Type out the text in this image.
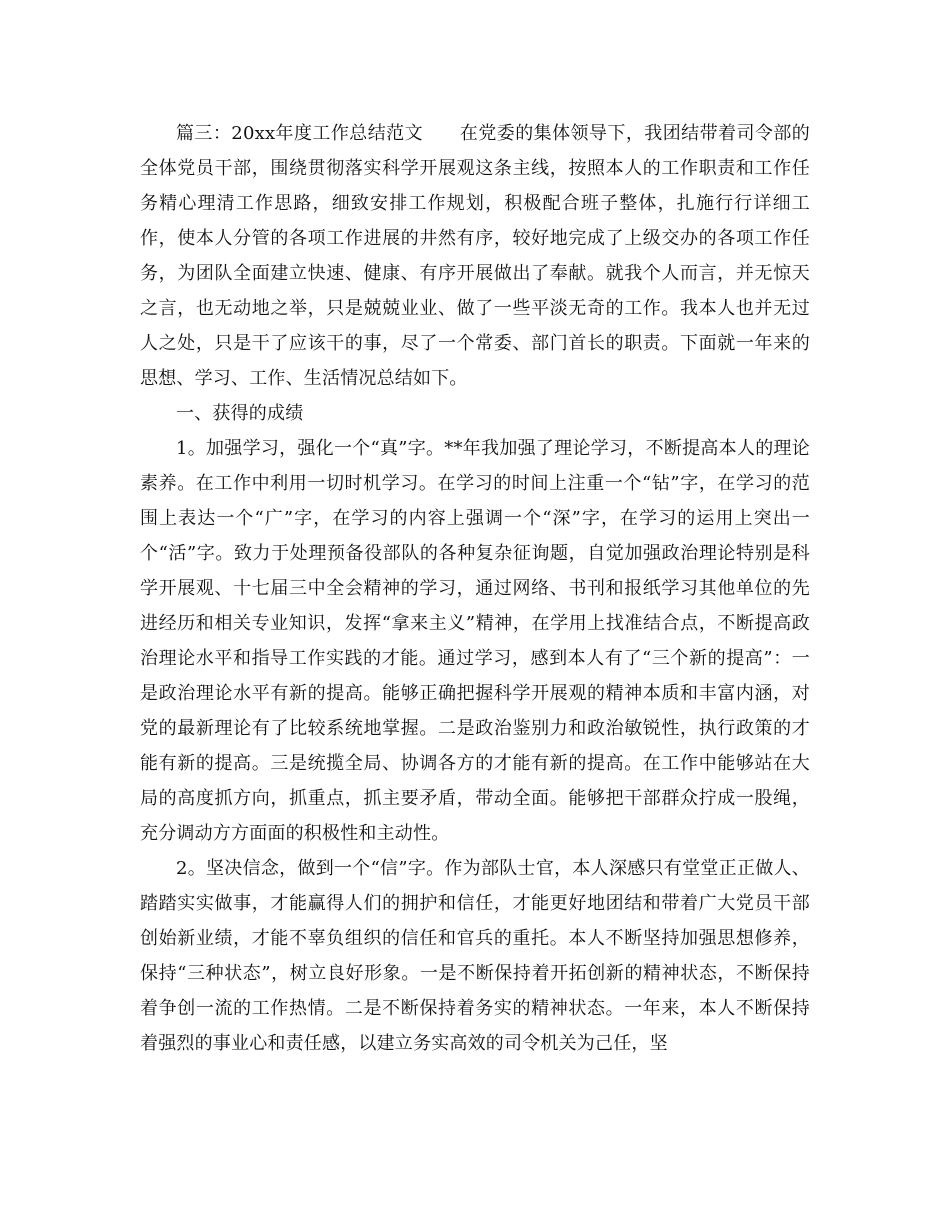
篇三：20xx年度工作总结范文　　在党委的集体领导下，我团结带着司令部的全体党员干部，围绕贯彻落实科学开展观这条主线，按照本人的工作职责和工作任务精心理清工作思路，细致安排工作规划，积极配合班子整体，扎施行行详细工作，使本人分管的各项工作进展的井然有序，较好地完成了上级交办的各项工作任务，为团队全面建立快速、健康、有序开展做出了奉献。就我个人而言，并无惊天之言，也无动地之举，只是兢兢业业、做了一些平淡无奇的工作。我本人也并无过人之处，只是干了应该干的事，尽了一个常委、部门首长的职责。下面就一年来的思想、学习、工作、生活情况总结如下。

一、获得的成绩

1。加强学习，强化一个“真”字。**年我加强了理论学习，不断提高本人的理论素养。在工作中利用一切时机学习。在学习的时间上注重一个“钻”字，在学习的范围上表达一个“广”字，在学习的内容上强调一个“深”字，在学习的运用上突出一个“活”字。致力于处理预备役部队的各种复杂征询题，自觉加强政治理论特别是科学开展观、十七届三中全会精神的学习，通过网络、书刊和报纸学习其他单位的先进经历和相关专业知识，发挥“拿来主义”精神，在学用上找准结合点，不断提高政治理论水平和指导工作实践的才能。通过学习，感到本人有了“三个新的提高”：一是政治理论水平有新的提高。能够正确把握科学开展观的精神本质和丰富内涵，对党的最新理论有了比较系统地掌握。二是政治鉴别力和政治敏锐性，执行政策的才能有新的提高。三是统揽全局、协调各方的才能有新的提高。在工作中能够站在大局的高度抓方向，抓重点，抓主要矛盾，带动全面。能够把干部群众拧成一股绳，充分调动方方面面的积极性和主动性。

2。坚决信念，做到一个“信”字。作为部队士官，本人深感只有堂堂正正做人、踏踏实实做事，才能赢得人们的拥护和信任，才能更好地团结和带着广大党员干部创始新业绩，才能不辜负组织的信任和官兵的重托。本人不断坚持加强思想修养，保持“三种状态”，树立良好形象。一是不断保持着开拓创新的精神状态，不断保持着争创一流的工作热情。二是不断保持着务实的精神状态。一年来，本人不断保持着强烈的事业心和责任感，以建立务实高效的司令机关为己任，坚
